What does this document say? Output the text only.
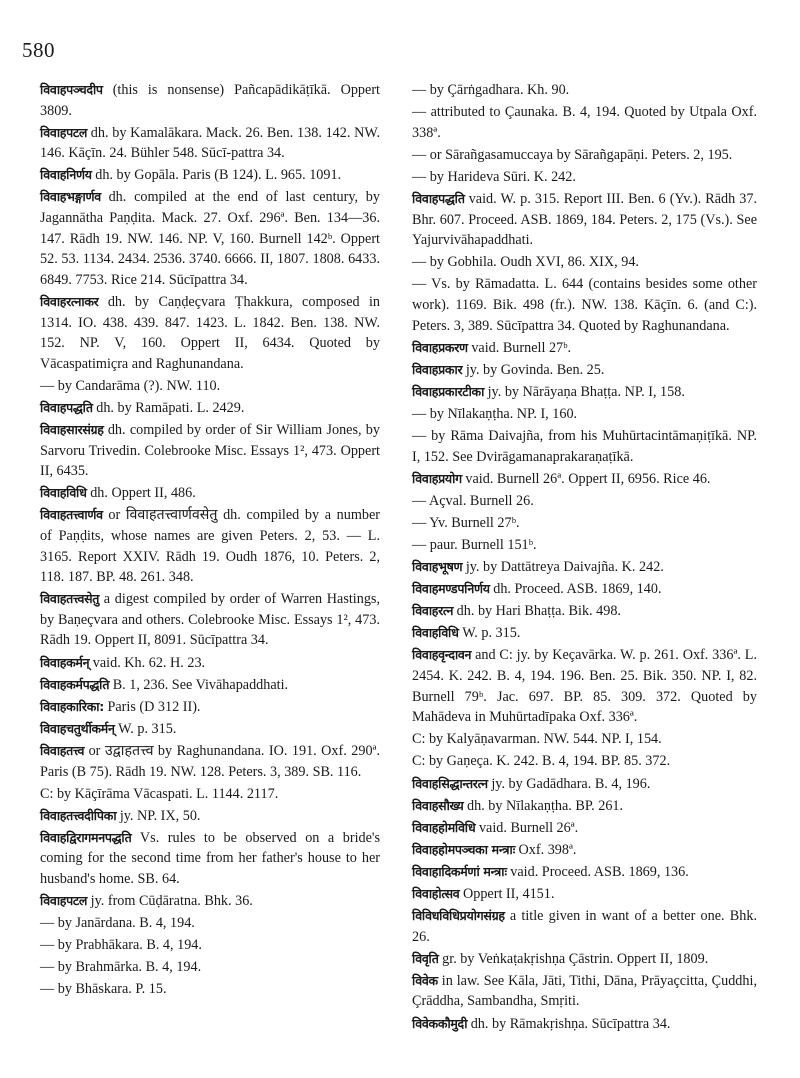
580
विवाहपञ्चदीप (this is nonsense) Pañcapādikāṭīkā. Oppert 3809.
विवाहपटल dh. by Kamalākara. Mack. 26. Ben. 138. 142. NW. 146. Kāçīn. 24. Bühler 548. Sūcī-pattra 34.
विवाहनिर्णय dh. by Gopāla. Paris (B 124). L. 965. 1091.
विवाहभङ्गार्णव dh. compiled at the end of last century, by Jagannātha Paṇḍita. Mack. 27. Oxf. 296ª. Ben. 134—36. 147. Rādh 19. NW. 146. NP. V, 160. Burnell 142ᵇ. Oppert 52. 53. 1134. 2434. 2536. 3740. 6666. II, 1807. 1808. 6433. 6849. 7753. Rice 214. Sūcīpattra 34.
विवाहरत्नाकर dh. by Caṇḍeçvara Ṭhakkura, composed in 1314. IO. 438. 439. 847. 1423. L. 1842. Ben. 138. NW. 152. NP. V, 160. Oppert II, 6434. Quoted by Vācaspatimiçra and Raghunandana.
— by Candarāma (?). NW. 110.
विवाहपद्धति dh. by Ramāpati. L. 2429.
विवाहसारसंग्रह dh. compiled by order of Sir William Jones, by Sarvoru Trivedin. Colebrooke Misc. Essays 1², 473. Oppert II, 6435.
विवाहविधि dh. Oppert II, 486.
विवाहतत्त्वार्णव or विवाहतत्त्वार्णवसेतु dh. compiled by a number of Paṇḍits, whose names are given Peters. 2, 53. — L. 3165. Report XXIV. Rādh 19. Oudh 1876, 10. Peters. 2, 118. 187. BP. 48. 261. 348.
विवाहतत्त्वसेतु a digest compiled by order of Warren Hastings, by Baṇeçvara and others. Colebrooke Misc. Essays 1², 473. Rādh 19. Oppert II, 8091. Sūcīpattra 34.
विवाहकर्मन् vaid. Kh. 62. H. 23.
विवाहकर्मपद्धति B. 1, 236. See Vivāhapaddhati.
विवाहकारिका: Paris (D 312 II).
विवाहचतुर्थीकर्मन् W. p. 315.
विवाहतत्त्व or उद्वाहतत्त्व by Raghunandana. IO. 191. Oxf. 290ª. Paris (B 75). Rādh 19. NW. 128. Peters. 3, 389. SB. 116.
C: by Kāçīrāma Vācaspati. L. 1144. 2117.
विवाहतत्त्वदीपिका jy. NP. IX, 50.
विवाहद्विरागमनपद्धति Vs. rules to be observed on a bride's coming for the second time from her father's house to her husband's home. SB. 64.
विवाहपटल jy. from Cūḍāratna. Bhk. 36.
— by Janārdana. B. 4, 194.
— by Prabhākara. B. 4, 194.
— by Brahmārka. B. 4, 194.
— by Bhāskara. P. 15.
— by Çārṅgadhara. Kh. 90.
— attributed to Çaunaka. B. 4, 194. Quoted by Utpala Oxf. 338ª.
— or Sārañgasamuccaya by Sārañgapāṇi. Peters. 2, 195.
— by Harideva Sūri. K. 242.
विवाहपद्धति vaid. W. p. 315. Report III. Ben. 6 (Yv.). Rādh 37. Bhr. 607. Proceed. ASB. 1869, 184. Peters. 2, 175 (Vs.). See Yajurvivāhapaddhati.
— by Gobhila. Oudh XVI, 86. XIX, 94.
— Vs. by Rāmadatta. L. 644 (contains besides some other work). 1169. Bik. 498 (fr.). NW. 138. Kāçīn. 6. (and C:). Peters. 3, 389. Sūcīpattra 34. Quoted by Raghunandana.
विवाहप्रकरण vaid. Burnell 27ᵇ.
विवाहप्रकार jy. by Govinda. Ben. 25.
विवाहप्रकारटीका jy. by Nārāyaṇa Bhaṭṭa. NP. I, 158.
— by Nīlakaṇṭha. NP. I, 160.
— by Rāma Daivajña, from his Muhūrtacintāmaṇiṭīkā. NP. I, 152. See Dvirāgamanaprakaraṇaṭīkā.
विवाहप्रयोग vaid. Burnell 26ª. Oppert II, 6956. Rice 46.
— Açval. Burnell 26.
— Yv. Burnell 27ᵇ.
— paur. Burnell 151ᵇ.
विवाहभूषण jy. by Dattātreya Daivajña. K. 242.
विवाहमण्डपनिर्णय dh. Proceed. ASB. 1869, 140.
विवाहरत्न dh. by Hari Bhaṭṭa. Bik. 498.
विवाहविधि W. p. 315.
विवाहवृन्दावन and C: jy. by Keçavārka. W. p. 261. Oxf. 336ª. L. 2454. K. 242. B. 4, 194. 196. Ben. 25. Bik. 350. NP. I, 82. Burnell 79ᵇ. Jac. 697. BP. 85. 309. 372. Quoted by Mahādeva in Muhūrtadīpaka Oxf. 336ª.
C: by Kalyāṇavarman. NW. 544. NP. I, 154.
C: by Gaṇeça. K. 242. B. 4, 194. BP. 85. 372.
विवाहसिद्धान्तरत्न jy. by Gadādhara. B. 4, 196.
विवाहसौख्य dh. by Nīlakaṇṭha. BP. 261.
विवाहहोमविधि vaid. Burnell 26ª.
विवाहहोमपञ्चका मन्त्राः Oxf. 398ª.
विवाहादिकर्मणां मन्त्राः vaid. Proceed. ASB. 1869, 136.
विवाहोत्सव Oppert II, 4151.
विविधविधिप्रयोगसंग्रह a title given in want of a better one. Bhk. 26.
विवृति gr. by Veṅkaṭakṛishṇa Çāstrin. Oppert II, 1809.
विवेक in law. See Kāla, Jāti, Tithi, Dāna, Prāyaçcitta, Çuddhi, Çrāddha, Sambandha, Smṛiti.
विवेककौमुदी dh. by Rāmakṛishṇa. Sūcīpattra 34.
